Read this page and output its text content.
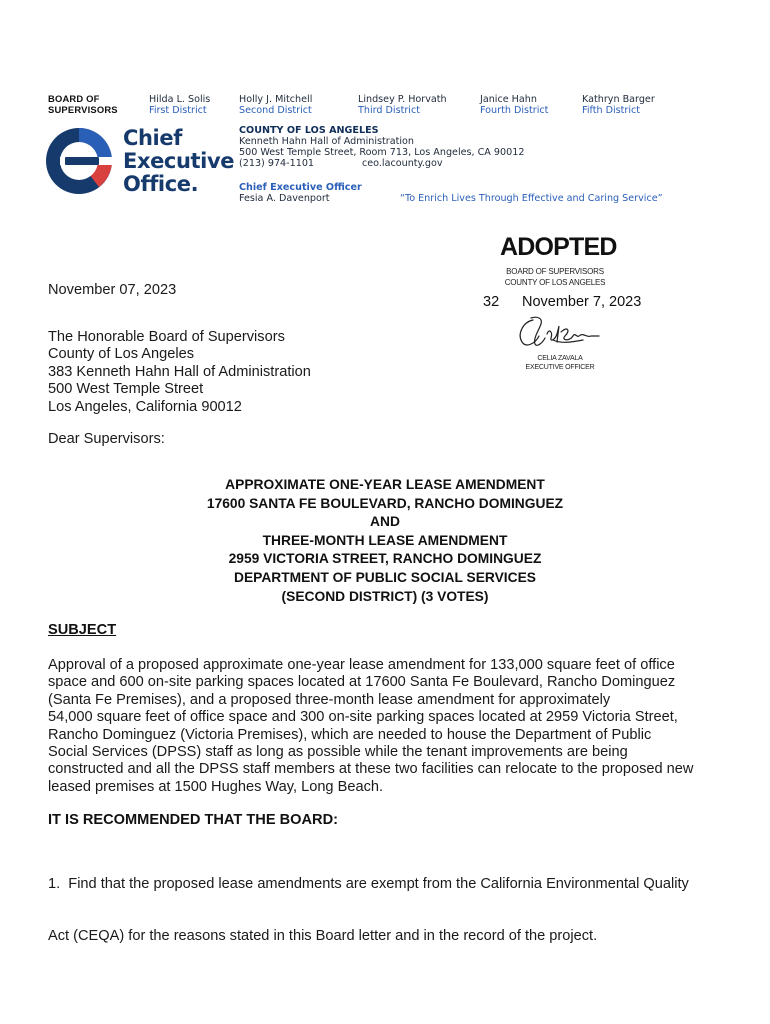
BOARD OF
SUPERVISORS
Hilda L. Solis
First District
Holly J. Mitchell
Second District
Lindsey P. Horvath
Third District
Janice Hahn
Fourth District
Kathryn Barger
Fifth District
Chief
Executive
Office.
COUNTY OF LOS ANGELES
Kenneth Hahn Hall of Administration
500 West Temple Street, Room 713, Los Angeles, CA 90012
(213) 974-1101	ceo.lacounty.gov
Chief Executive Officer
Fesia A. Davenport	“To Enrich Lives Through Effective and Caring Service”
ADOPTED
BOARD OF SUPERVISORS
COUNTY OF LOS ANGELES
32 November 7, 2023
CELIA ZAVALA
EXECUTIVE OFFICER
November 07, 2023
The Honorable Board of Supervisors
County of Los Angeles
383 Kenneth Hahn Hall of Administration
500 West Temple Street
Los Angeles, California 90012
Dear Supervisors:
APPROXIMATE ONE-YEAR LEASE AMENDMENT
17600 SANTA FE BOULEVARD, RANCHO DOMINGUEZ
AND
THREE-MONTH LEASE AMENDMENT
2959 VICTORIA STREET, RANCHO DOMINGUEZ
DEPARTMENT OF PUBLIC SOCIAL SERVICES
(SECOND DISTRICT) (3 VOTES)
SUBJECT
Approval of a proposed approximate one-year lease amendment for 133,000 square feet of office
space and 600 on-site parking spaces located at 17600 Santa Fe Boulevard, Rancho Dominguez
(Santa Fe Premises), and a proposed three-month lease amendment for approximately
54,000 square feet of office space and 300 on-site parking spaces located at 2959 Victoria Street,
Rancho Dominguez (Victoria Premises), which are needed to house the Department of Public
Social Services (DPSS) staff as long as possible while the tenant improvements are being
constructed and all the DPSS staff members at these two facilities can relocate to the proposed new
leased premises at 1500 Hughes Way, Long Beach.
IT IS RECOMMENDED THAT THE BOARD:

1.  Find that the proposed lease amendments are exempt from the California Environmental Quality

Act (CEQA) for the reasons stated in this Board letter and in the record of the project.
